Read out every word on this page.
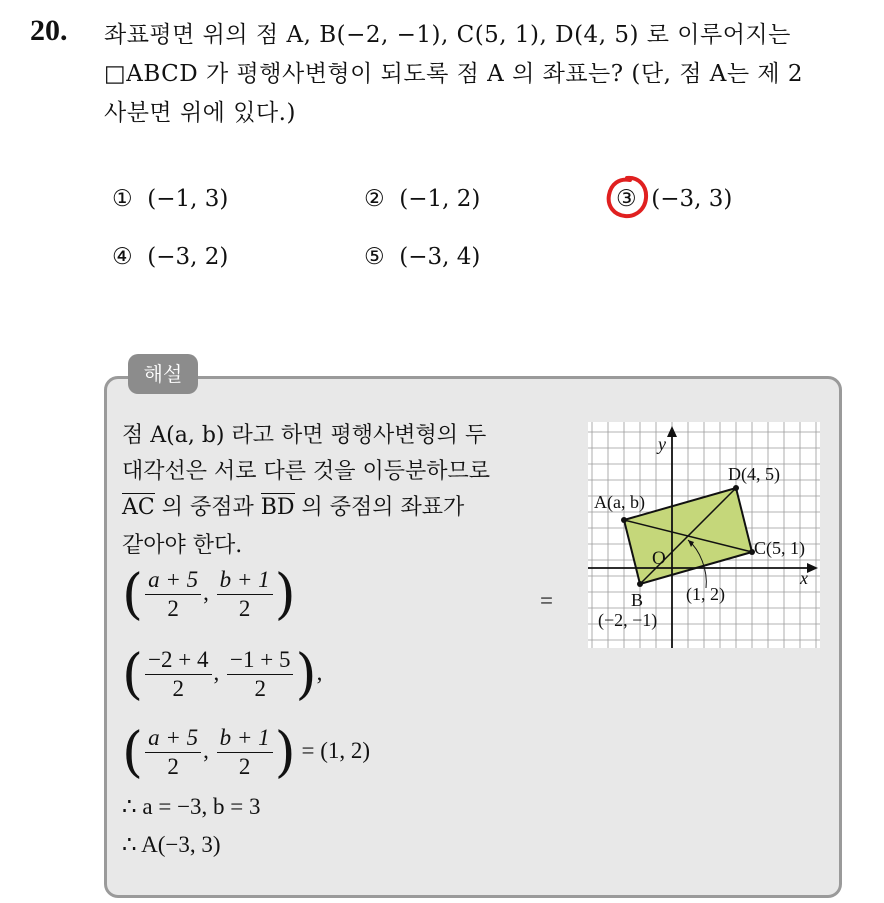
20. 좌표평면 위의 점 A, B(−2, −1), C(5, 1), D(4, 5) 로 이루어지는
□ABCD 가 평행사변형이 되도록 점 A 의 좌표는? (단, 점 A는 제 2
사분면 위에 있다.)
① (−1, 3)	② (−1, 2)	③ (−3, 3)
④ (−3, 2)	⑤ (−3, 4)
해설
점 A(a, b) 라고 하면 평행사변형의 두
대각선은 서로 다른 것을 이등분하므로
AC 의 중점과 BD 의 중점의 좌표가
같아야 한다.
( $\frac{a + 5}{2}$ , $\frac{b + 1}{2}$ )	=
( $\frac{-2 + 4}{2}$ , $\frac{-1 + 5}{2}$ ),
( $\frac{a + 5}{2}$ , $\frac{b + 1}{2}$ ) = (1, 2)
∴ a = −3, b = 3
∴ A(−3, 3)
y
x
O
A(a, b)
B
(−2, −1)
C(5, 1)
D(4, 5)
(1, 2)
